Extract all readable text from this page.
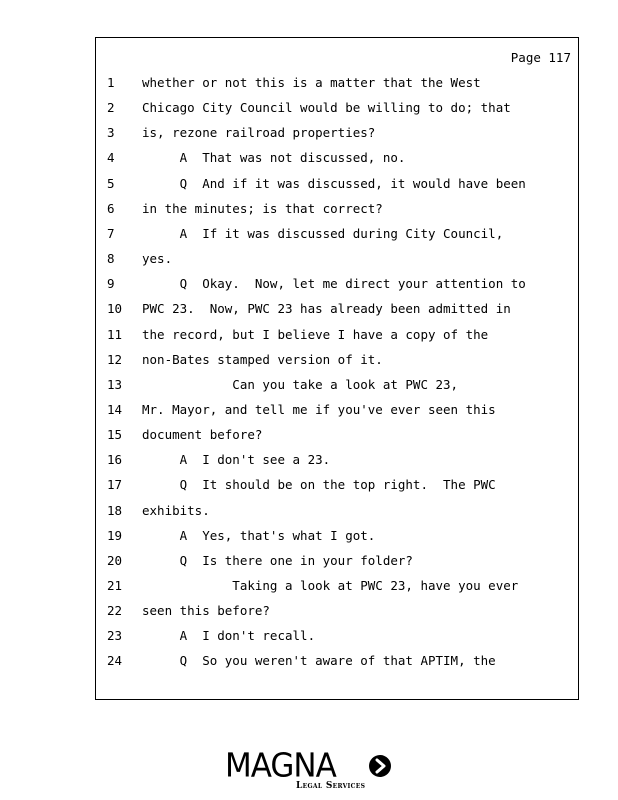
Page 117
1	whether or not this is a matter that the West
2	Chicago City Council would be willing to do; that
3	is, rezone railroad properties?
4	A  That was not discussed, no.
5	Q  And if it was discussed, it would have been
6	in the minutes; is that correct?
7	A  If it was discussed during City Council,
8	yes.
9	Q  Okay.  Now, let me direct your attention to
10	PWC 23.  Now, PWC 23 has already been admitted in
11	the record, but I believe I have a copy of the
12	non-Bates stamped version of it.
13	Can you take a look at PWC 23,
14	Mr. Mayor, and tell me if you've ever seen this
15	document before?
16	A  I don't see a 23.
17	Q  It should be on the top right.  The PWC
18	exhibits.
19	A  Yes, that's what I got.
20	Q  Is there one in your folder?
21	Taking a look at PWC 23, have you ever
22	seen this before?
23	A  I don't recall.
24	Q  So you weren't aware of that APTIM, the
MAGNA
Legal Services
